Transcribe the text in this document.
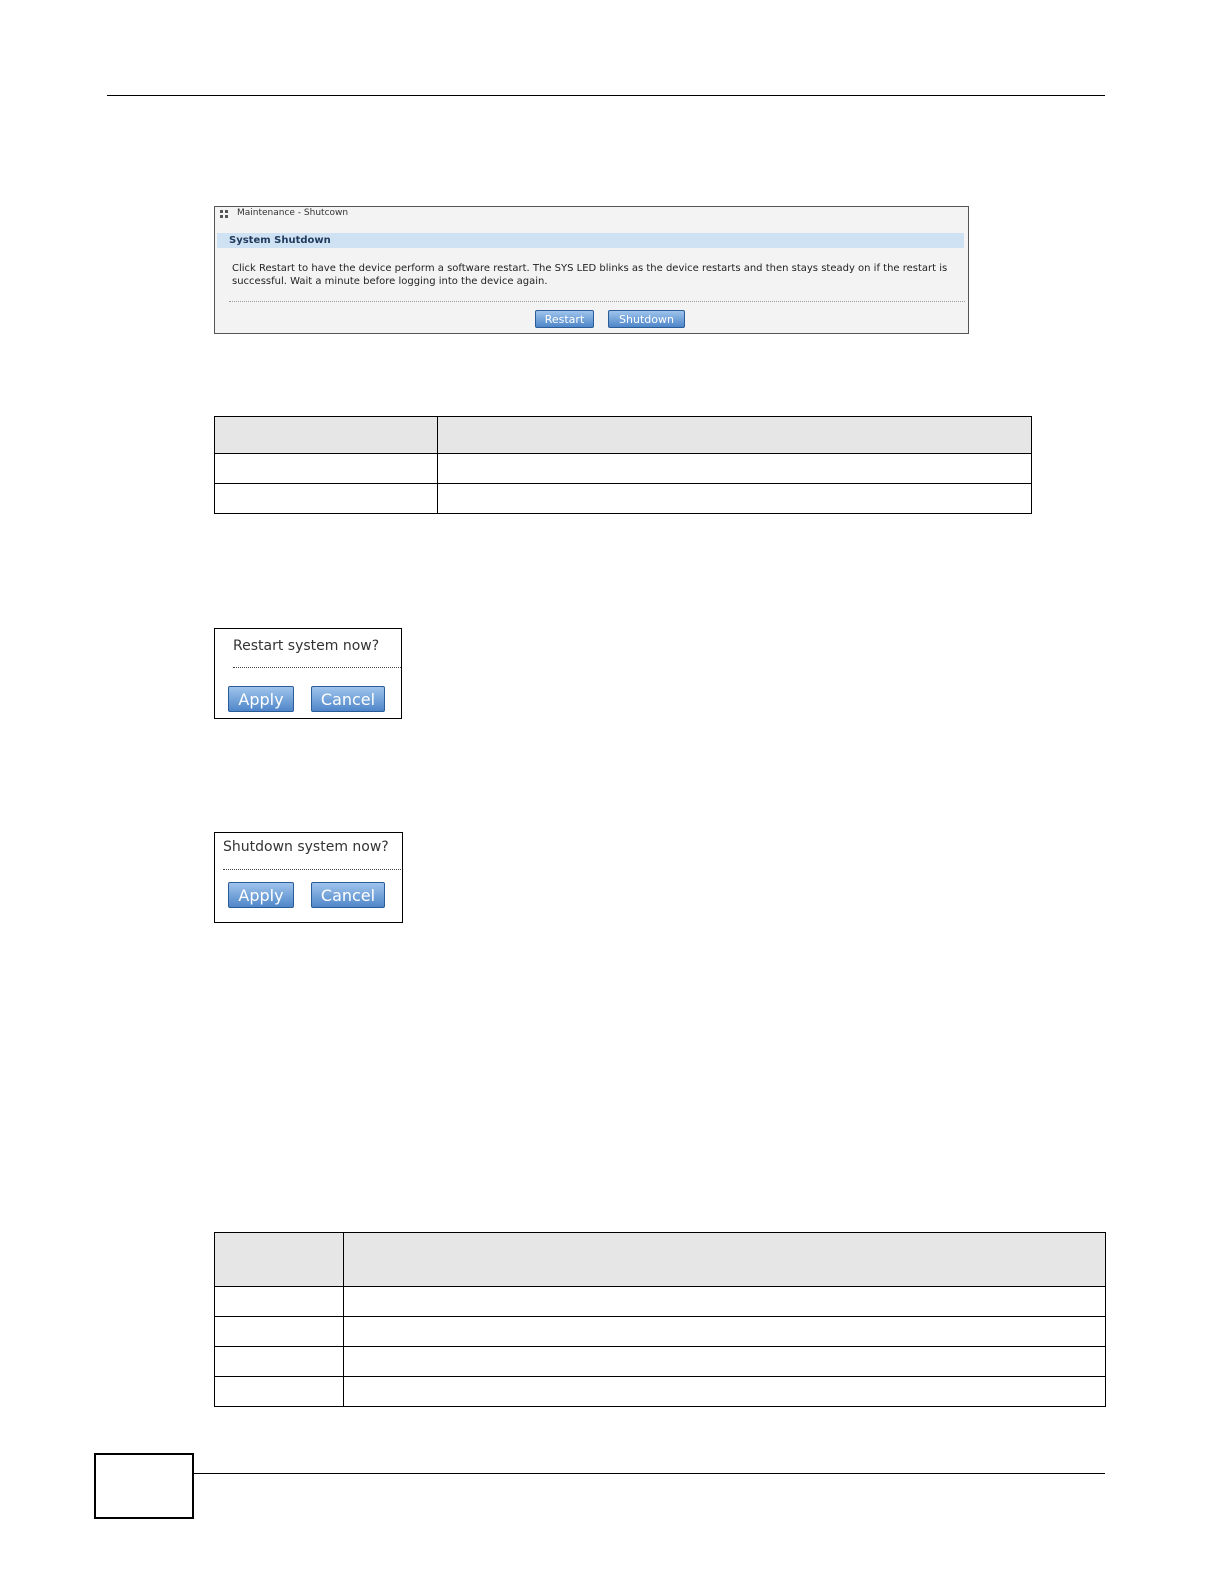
Maintenance - Shutcown
System Shutdown
Click Restart to have the device perform a software restart. The SYS LED blinks as the device restarts and then stays steady on if the restart is successful. Wait a minute before logging into the device again.
Restart	Shutdown

Restart system now?
Apply	Cancel
Shutdown system now?
Apply	Cancel
